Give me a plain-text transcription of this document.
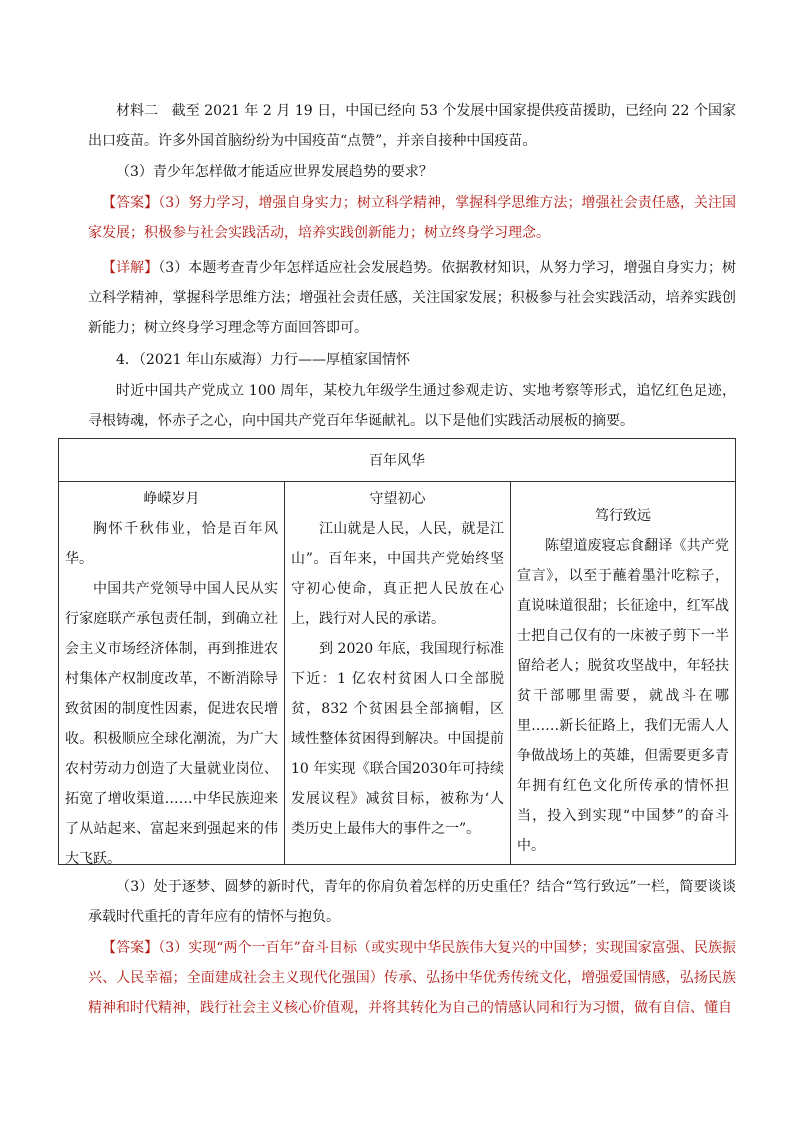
材料二 截至 2021 年 2 月 19 日，中国已经向 53 个发展中国家提供疫苗援助，已经向 22 个国家出口疫苗。许多外国首脑纷纷为中国疫苗“点赞”，并亲自接种中国疫苗。

（3）青少年怎样做才能适应世界发展趋势的要求？

【答案】（3）努力学习，增强自身实力；树立科学精神，掌握科学思维方法；增强社会责任感，关注国家发展；积极参与社会实践活动，培养实践创新能力；树立终身学习理念。

【详解】（3）本题考查青少年怎样适应社会发展趋势。依据教材知识，从努力学习，增强自身实力；树立科学精神，掌握科学思维方法；增强社会责任感，关注国家发展；积极参与社会实践活动，培养实践创新能力；树立终身学习理念等方面回答即可。

4．（2021 年山东威海）力行——厚植家国情怀

时近中国共产党成立 100 周年，某校九年级学生通过参观走访、实地考察等形式，追忆红色足迹，寻根铸魂，怀赤子之心，向中国共产党百年华诞献礼。以下是他们实践活动展板的摘要。

百年风华

峥嵘岁月

胸怀千秋伟业，恰是百年风华。

中国共产党领导中国人民从实行家庭联产承包责任制，到确立社会主义市场经济体制，再到推进农村集体产权制度改革，不断消除导致贫困的制度性因素，促进农民增收。积极顺应全球化潮流，为广大农村劳动力创造了大量就业岗位、拓宽了增收渠道……中华民族迎来了从站起来、富起来到强起来的伟大飞跃。

守望初心

江山就是人民，人民，就是江山”。百年来，中国共产党始终坚守初心使命，真正把人民放在心上，践行对人民的承诺。

到 2020 年底，我国现行标准下近：1 亿农村贫困人口全部脱贫，832 个贫困县全部摘帽，区域性整体贫困得到解决。中国提前 10 年实现《联合国2030年可持续发展议程》减贫目标，被称为‘人类历史上最伟大的事件之一”。

笃行致远

陈望道废寝忘食翻译《共产党宣言》，以至于蘸着墨汁吃粽子，直说味道很甜；长征途中，红军战士把自己仅有的一床被子剪下一半留给老人；脱贫攻坚战中，年轻扶贫干部哪里需要，就战斗在哪里……新长征路上，我们无需人人争做战场上的英雄，但需要更多青年拥有红色文化所传承的情怀担当，投入到实现“中国梦”的奋斗中。

（3）处于逐梦、圆梦的新时代，青年的你肩负着怎样的历史重任？结合“笃行致远”一栏，简要谈谈承载时代重托的青年应有的情怀与抱负。

【答案】（3）实现“两个一百年”奋斗目标（或实现中华民族伟大复兴的中国梦；实现国家富强、民族振兴、人民幸福；全面建成社会主义现代化强国）传承、弘扬中华优秀传统文化，增强爱国情感，弘扬民族精神和时代精神，践行社会主义核心价值观，并将其转化为自己的情感认同和行为习惯，做有自信、懂自
